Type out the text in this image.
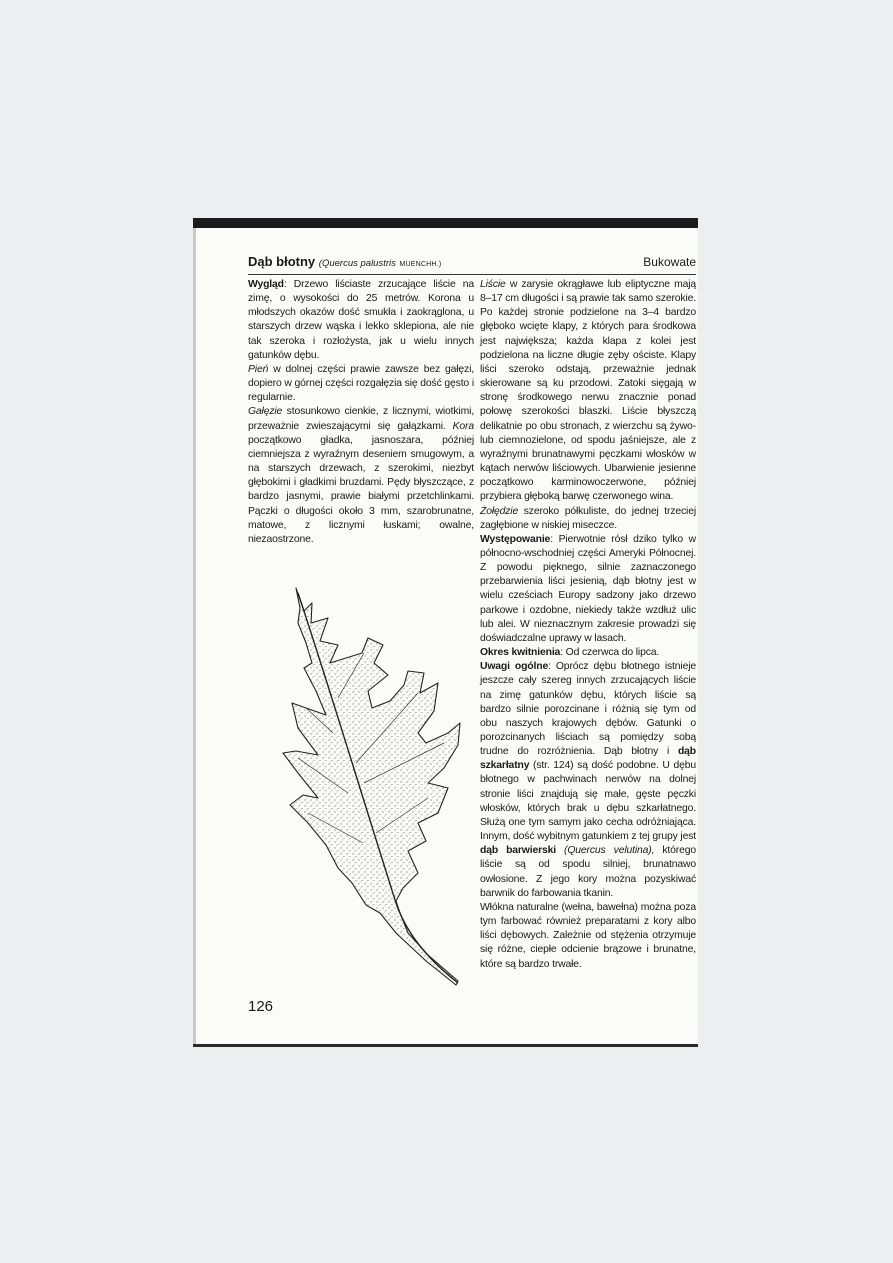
Dąb błotny (Quercus palustris MUENCHH.)	Bukowate

Wygląd: Drzewo liściaste zrzucające liście na zimę, o wysokości do 25 metrów. Korona u młodszych okazów dość smukła i zaokrąglona, u starszych drzew wąska i lekko sklepiona, ale nie tak szeroka i rozłożysta, jak u wielu innych gatunków dębu.

Pień w dolnej części prawie zawsze bez gałęzi, dopiero w górnej części rozgałęzia się dość gęsto i regularnie.

Gałęzie stosunkowo cienkie, z licznymi, wiotkimi, przeważnie zwieszającymi się gałązkami. Kora początkowo gładka, jasnoszara, później ciemniejsza z wyraźnym deseniem smugowym, a na starszych drzewach, z szerokimi, niezbyt głębokimi i gładkimi bruzdami. Pędy błyszczące, z bardzo jasnymi, prawie białymi przetchlinkami. Pączki o długości około 3 mm, szarobrunatne, matowe, z licznymi łuskami; owalne, niezaostrzone.

Liście w zarysie okrągławe lub eliptyczne mają 8–17 cm długości i są prawie tak samo szerokie. Po każdej stronie podzielone na 3–4 bardzo głęboko wcięte klapy, z których para środkowa jest największa; każda klapa z kolei jest podzielona na liczne długie zęby ościste. Klapy liści szeroko odstają, przeważnie jednak skierowane są ku przodowi. Zatoki sięgają w stronę środkowego nerwu znacznie ponad połowę szerokości blaszki. Liście błyszczą delikatnie po obu stronach, z wierzchu są żywo- lub ciemnozielone, od spodu jaśniejsze, ale z wyraźnymi brunatnawymi pęczkami włosków w kątach nerwów liściowych. Ubarwienie jesienne początkowo karminowoczerwone, później przybiera głęboką barwę czerwonego wina.

Żołędzie szeroko półkuliste, do jednej trzeciej zagłębione w niskiej miseczce.

Występowanie: Pierwotnie rósł dziko tylko w północno-wschodniej części Ameryki Północnej. Z powodu pięknego, silnie zaznaczonego przebarwienia liści jesienią, dąb błotny jest w wielu cześciach Europy sadzony jako drzewo parkowe i ozdobne, niekiedy także wzdłuż ulic lub alei. W nieznacznym zakresie prowadzi się doświadczalne uprawy w lasach.

Okres kwitnienia: Od czerwca do lipca.

Uwagi ogólne: Oprócz dębu błotnego istnieje jeszcze cały szereg innych zrzucających liście na zimę gatunków dębu, których liście są bardzo silnie porozcinane i różnią się tym od obu naszych krajowych dębów. Gatunki o porozcinanych liściach są pomiędzy sobą trudne do rozróżnienia. Dąb błotny i dąb szkarłatny (str. 124) są dość podobne. U dębu błotnego w pachwinach nerwów na dolnej stronie liści znajdują się małe, gęste pęczki włosków, których brak u dębu szkarłatnego. Służą one tym samym jako cecha odróżniająca. Innym, dość wybitnym gatunkiem z tej grupy jest dąb barwierski (Quercus velutina), którego liście są od spodu silniej, brunatnawo owłosione. Z jego kory można pozyskiwać barwnik do farbowania tkanin.

Włókna naturalne (wełna, bawełna) można poza tym farbować również preparatami z kory albo liści dębowych. Zależnie od stężenia otrzymuje się różne, ciepłe odcienie brązowe i brunatne, które są bardzo trwałe.

126
